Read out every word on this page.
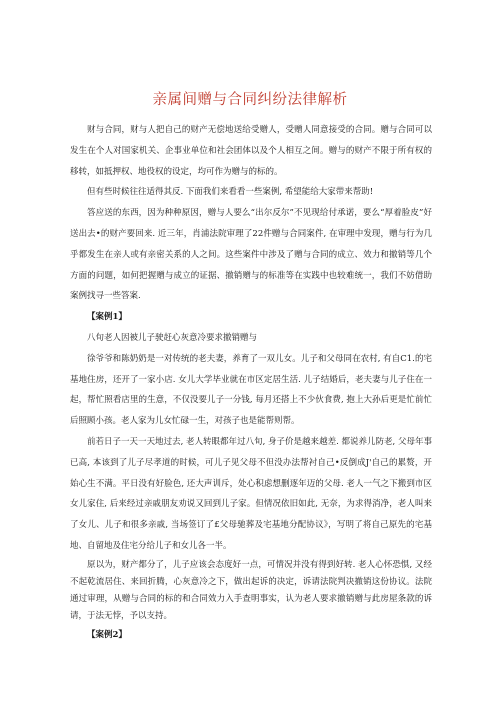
亲属间赠与合同纠纷法律解析

财与合同，财与人把自己的财产无偿地送给受赠人，受赠人同意接受的合同。赠与合同可以发生在个人对国家机关、企事业单位和社会团体以及个人相互之间。赠与的财产不限于所有权的移转，如抵押权、地役权的设定，均可作为赠与的标的。

但有些时候往往适得其反. 下面我们来看看一些案例, 希望能给大家带来帮助!

答应送的东西，因为种种原因，赠与人要么“出尔反尔”不见现给付承诺，要么“厚着脸皮”好送出去•的财产要回来. 近三年，肖浦法院审理了22件赠与合同案件, 在审理中发现，赠与行为几乎都发生在亲人或有亲密关系的人之间。这些案件中涉及了赠与合同的成立、效力和撤销等几个方面的问题，如何把握赠与成立的证据、撤销赠与的标准等在实践中也较难统一，我们不妨借助案例找寻一些答案.

【案例1】

八旬老人因被儿子驶赶心灰意冷要求撤销赠与

徐爷爷和陈奶奶是一对传统的老夫妻，养育了一双儿女。儿子和父母同在农村, 有自C1.的宅基地住房，还开了一家小店. 女儿大学毕业就在市区定居生活. 儿子结婚后，老夫妻与儿子住在一起，帮忙照看店里的生意，不仅没要儿子一分钱, 每月还搭上不少伙食费, 抱上大孙后更是忙前忙后照顾小孩。老人家为儿女忙碌一生，对孩子也是能帮则帮。

前若日子一天一天地过去, 老人转眼都年过八旬, 身子价是越来越差. 都说养儿防老, 父母年事已高, 本该到了儿子尽孝道的时候，可儿子见父母不但没办法帮衬自己•反倒成J'自己的累赘，开始心生不满。平日没有好脸色, 还大声训斥，处心积虑想删逐年迈的父母. 老人一气之下搬到市区女儿家住, 后来经过亲戚朋友劝说又回到儿子家。但情况依旧如此, 无奈，为求得消净，老人叫来了女儿、儿子和很多亲戚, 当场签订了£父母驰葬及宅基地分配协议》，写明了将自己原先的宅基地、自留地及住宅分给儿子和女儿各一半。

原以为，财产都分了，儿子应该会态度好一点，可情况并没有得到好转. 老人心怀恐惧, 又经不起乾流居住、来回折腾，心灰意冷之下，做出起诉的决定，诉请法院判决撤销这份协议。法院通过审理，从赠与合同的标的和合同效力入手查明事实，认为老人要求撤销赠与此房屋条款的诉请，于法无悖，予以支持。

【案例2】
